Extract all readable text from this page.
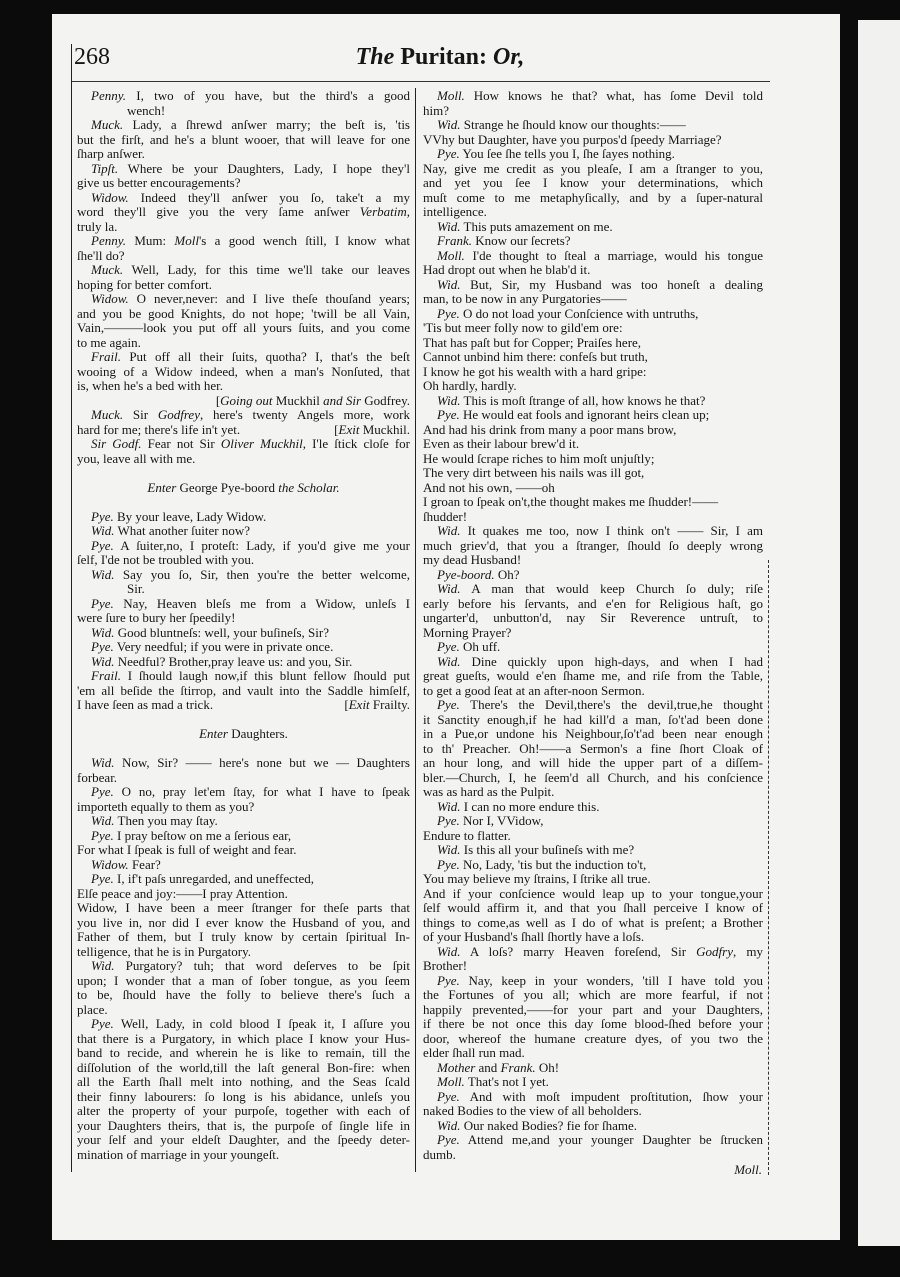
268	The Puritan: Or,
Penny. I, two of you have, but the third's a good
wench!
Muck. Lady, a ſhrewd anſwer marry; the beſt is, 'tis
but the firſt, and he's a blunt wooer, that will leave for one
ſharp anſwer.
Tipſt. Where be your Daughters, Lady, I hope they'l
give us better encouragements?
Widow. Indeed they'll anſwer you ſo, take't a my
word they'll give you the very ſame anſwer Verbatim,
truly la.
Penny. Mum: Moll's a good wench ſtill, I know what
ſhe'll do?
Muck. Well, Lady, for this time we'll take our leaves
hoping for better comfort.
Widow. O never,never: and I live theſe thouſand years;
and you be good Knights, do not hope; 'twill be all Vain,
Vain,———look you put off all yours ſuits, and you come
to me again.
Frail. Put off all their ſuits, quotha? I, that's the beſt
wooing of a Widow indeed, when a man's Nonſuted, that
is, when he's a bed with her.
[Going out Muckhil and Sir Godfrey.
Muck. Sir Godfrey, here's twenty Angels more, work
hard for me; there's life in't yet.	[Exit Muckhil.
Sir Godf. Fear not Sir Oliver Muckhil, I'le ſtick cloſe for
you, leave all with me.
Enter George Pye-boord the Scholar.
Pye. By your leave, Lady Widow.
Wid. What another ſuiter now?
Pye. A ſuiter,no, I proteſt: Lady, if you'd give me your
ſelf, I'de not be troubled with you.
Wid. Say you ſo, Sir, then you're the better welcome,
Sir.
Pye. Nay, Heaven bleſs me from a Widow, unleſs I
were ſure to bury her ſpeedily!
Wid. Good bluntneſs: well, your buſineſs, Sir?
Pye. Very needful; if you were in private once.
Wid. Needful? Brother,pray leave us: and you, Sir.
Frail. I ſhould laugh now,if this blunt fellow ſhould put
'em all beſide the ſtirrop, and vault into the Saddle himſelf,
I have ſeen as mad a trick.	[Exit Frailty.
Enter Daughters.
Wid. Now, Sir? —— here's none but we — Daughters
forbear.
Pye. O no, pray let'em ſtay, for what I have to ſpeak
importeth equally to them as you?
Wid. Then you may ſtay.
Pye. I pray beſtow on me a ſerious ear,
For what I ſpeak is full of weight and fear.
Widow. Fear?
Pye. I, if't paſs unregarded, and uneffected,
Elſe peace and joy:——I pray Attention.
Widow, I have been a meer ſtranger for theſe parts that
you live in, nor did I ever know the Husband of you, and
Father of them, but I truly know by certain ſpiritual In-
telligence, that he is in Purgatory.
Wid. Purgatory? tuh; that word deſerves to be ſpit
upon; I wonder that a man of ſober tongue, as you ſeem
to be, ſhould have the folly to believe there's ſuch a
place.
Pye. Well, Lady, in cold blood I ſpeak it, I aſſure you
that there is a Purgatory, in which place I know your Hus-
band to recide, and wherein he is like to remain, till the
diſſolution of the world,till the laſt general Bon-fire: when
all the Earth ſhall melt into nothing, and the Seas ſcald
their finny labourers: ſo long is his abidance, unleſs you
alter the property of your purpoſe, together with each of
your Daughters theirs, that is, the purpoſe of ſingle life in
your ſelf and your eldeſt Daughter, and the ſpeedy deter-
mination of marriage in your youngeſt.
Moll. How knows he that? what, has ſome Devil told
him?
Wid. Strange he ſhould know our thoughts:——
VVhy but Daughter, have you purpos'd ſpeedy Marriage?
Pye. You ſee ſhe tells you I, ſhe ſayes nothing.
Nay, give me credit as you pleaſe, I am a ſtranger to you,
and yet you ſee I know your determinations, which
muſt come to me metaphyſically, and by a ſuper-natural
intelligence.
Wid. This puts amazement on me.
Frank. Know our ſecrets?
Moll. I'de thought to ſteal a marriage, would his tongue
Had dropt out when he blab'd it.
Wid. But, Sir, my Husband was too honeſt a dealing
man, to be now in any Purgatories——
Pye. O do not load your Conſcience with untruths,
'Tis but meer folly now to gild'em ore:
That has paſt but for Copper; Praiſes here,
Cannot unbind him there: confeſs but truth,
I know he got his wealth with a hard gripe:
Oh hardly, hardly.
Wid. This is moſt ſtrange of all, how knows he that?
Pye. He would eat fools and ignorant heirs clean up;
And had his drink from many a poor mans brow,
Even as their labour brew'd it.
He would ſcrape riches to him moſt unjuſtly;
The very dirt between his nails was ill got,
And not his own, ——oh
I groan to ſpeak on't,the thought makes me ſhudder!——
ſhudder!
Wid. It quakes me too, now I think on't —— Sir, I am
much griev'd, that you a ſtranger, ſhould ſo deeply wrong
my dead Husband!
Pye-boord. Oh?
Wid. A man that would keep Church ſo duly; riſe
early before his ſervants, and e'en for Religious haſt, go
ungarter'd, unbutton'd, nay Sir Reverence untruſt, to
Morning Prayer?
Pye. Oh uff.
Wid. Dine quickly upon high-days, and when I had
great gueſts, would e'en ſhame me, and riſe from the Table,
to get a good ſeat at an after-noon Sermon.
Pye. There's the Devil,there's the devil,true,he thought
it Sanctity enough,if he had kill'd a man, ſo't'ad been done
in a Pue,or undone his Neighbour,ſo't'ad been near enough
to th' Preacher. Oh!——a Sermon's a fine ſhort Cloak of
an hour long, and will hide the upper part of a diſſem-
bler.—Church, I, he ſeem'd all Church, and his conſcience
was as hard as the Pulpit.
Wid. I can no more endure this.
Pye. Nor I, VVidow,
Endure to flatter.
Wid. Is this all your buſineſs with me?
Pye. No, Lady, 'tis but the induction to't,
You may believe my ſtrains, I ſtrike all true.
And if your conſcience would leap up to your tongue,your
ſelf would affirm it, and that you ſhall perceive I know of
things to come,as well as I do of what is preſent; a Brother
of your Husband's ſhall ſhortly have a loſs.
Wid. A loſs? marry Heaven foreſend, Sir Godfry, my
Brother!
Pye. Nay, keep in your wonders, 'till I have told you
the Fortunes of you all; which are more fearful, if not
happily prevented,——for your part and your Daughters,
if there be not once this day ſome blood-ſhed before your
door, whereof the humane creature dyes, of you two the
elder ſhall run mad.
Mother and Frank. Oh!
Moll. That's not I yet.
Pye. And with moſt impudent proſtitution, ſhow your
naked Bodies to the view of all beholders.
Wid. Our naked Bodies? fie for ſhame.
Pye. Attend me,and your younger Daughter be ſtrucken
dumb.
Moll.
